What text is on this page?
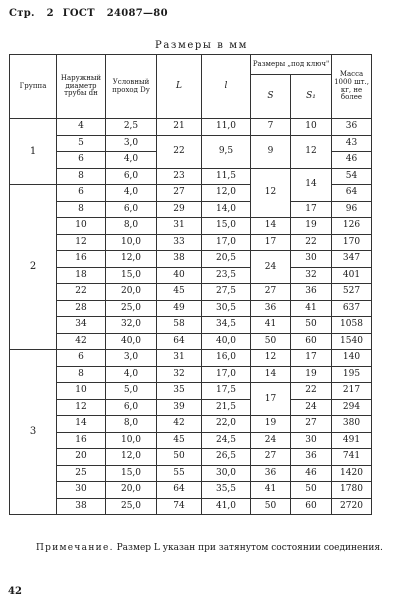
Стр. 2 ГОСТ 24087—80
Размеры в мм
Группа	Наружный диаметр трубы dн	Условный проход Dу	L	l	Размеры „под ключ"		Масса 1000 шт., кг, не более
					S	S₁	
1	4	2,5	21	11,0	7	10	36
	5	3,0	22	9,5	9	12	43
	6	4,0					46
	8	6,0	23	11,5	12	14	54
2	6	4,0	27	12,0			64
	8	6,0	29	14,0		17	96
	10	8,0	31	15,0	14	19	126
	12	10,0	33	17,0	17	22	170
	16	12,0	38	20,5	24	30	347
	18	15,0	40	23,5		32	401
	22	20,0	45	27,5	27	36	527
	28	25,0	49	30,5	36	41	637
	34	32,0	58	34,5	41	50	1058
	42	40,0	64	40,0	50	60	1540
3	6	3,0	31	16,0	12	17	140
	8	4,0	32	17,0	14	19	195
	10	5,0	35	17,5	17	22	217
	12	6,0	39	21,5		24	294
	14	8,0	42	22,0	19	27	380
	16	10,0	45	24,5	24	30	491
	20	12,0	50	26,5	27	36	741
	25	15,0	55	30,0	36	46	1420
	30	20,0	64	35,5	41	50	1780
	38	25,0	74	41,0	50	60	2720
Примечание. Размер L указан при затянутом состоянии соединения.
42
